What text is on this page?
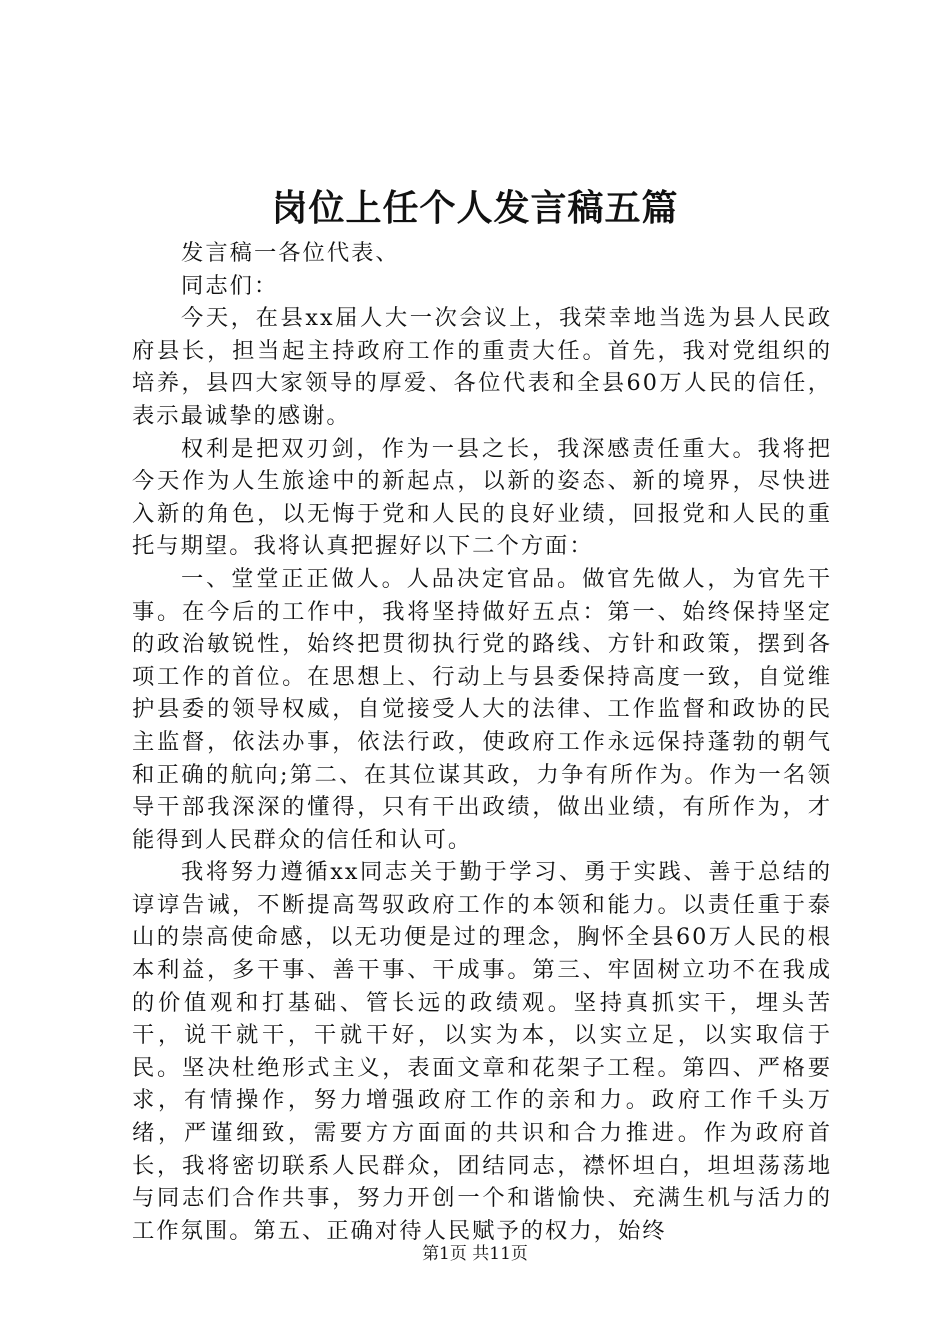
岗位上任个人发言稿五篇

发言稿一各位代表、

同志们：

今天，在县xx届人大一次会议上，我荣幸地当选为县人民政府县长，担当起主持政府工作的重责大任。首先，我对党组织的培养，县四大家领导的厚爱、各位代表和全县60万人民的信任，表示最诚挚的感谢。

权利是把双刃剑，作为一县之长，我深感责任重大。我将把今天作为人生旅途中的新起点，以新的姿态、新的境界，尽快进入新的角色，以无悔于党和人民的良好业绩，回报党和人民的重托与期望。我将认真把握好以下二个方面：

一、堂堂正正做人。人品决定官品。做官先做人，为官先干事。在今后的工作中，我将坚持做好五点：第一、始终保持坚定的政治敏锐性，始终把贯彻执行党的路线、方针和政策，摆到各项工作的首位。在思想上、行动上与县委保持高度一致，自觉维护县委的领导权威，自觉接受人大的法律、工作监督和政协的民主监督，依法办事，依法行政，使政府工作永远保持蓬勃的朝气和正确的航向;第二、在其位谋其政，力争有所作为。作为一名领导干部我深深的懂得，只有干出政绩，做出业绩，有所作为，才能得到人民群众的信任和认可。

我将努力遵循xx同志关于勤于学习、勇于实践、善于总结的谆谆告诫，不断提高驾驭政府工作的本领和能力。以责任重于泰山的崇高使命感，以无功便是过的理念，胸怀全县60万人民的根本利益，多干事、善干事、干成事。第三、牢固树立功不在我成的价值观和打基础、管长远的政绩观。坚持真抓实干，埋头苦干，说干就干，干就干好，以实为本，以实立足，以实取信于民。坚决杜绝形式主义，表面文章和花架子工程。第四、严格要求，有情操作，努力增强政府工作的亲和力。政府工作千头万绪，严谨细致，需要方方面面的共识和合力推进。作为政府首长，我将密切联系人民群众，团结同志，襟怀坦白，坦坦荡荡地与同志们合作共事，努力开创一个和谐愉快、充满生机与活力的工作氛围。第五、正确对待人民赋予的权力，始终

第1页 共11页
